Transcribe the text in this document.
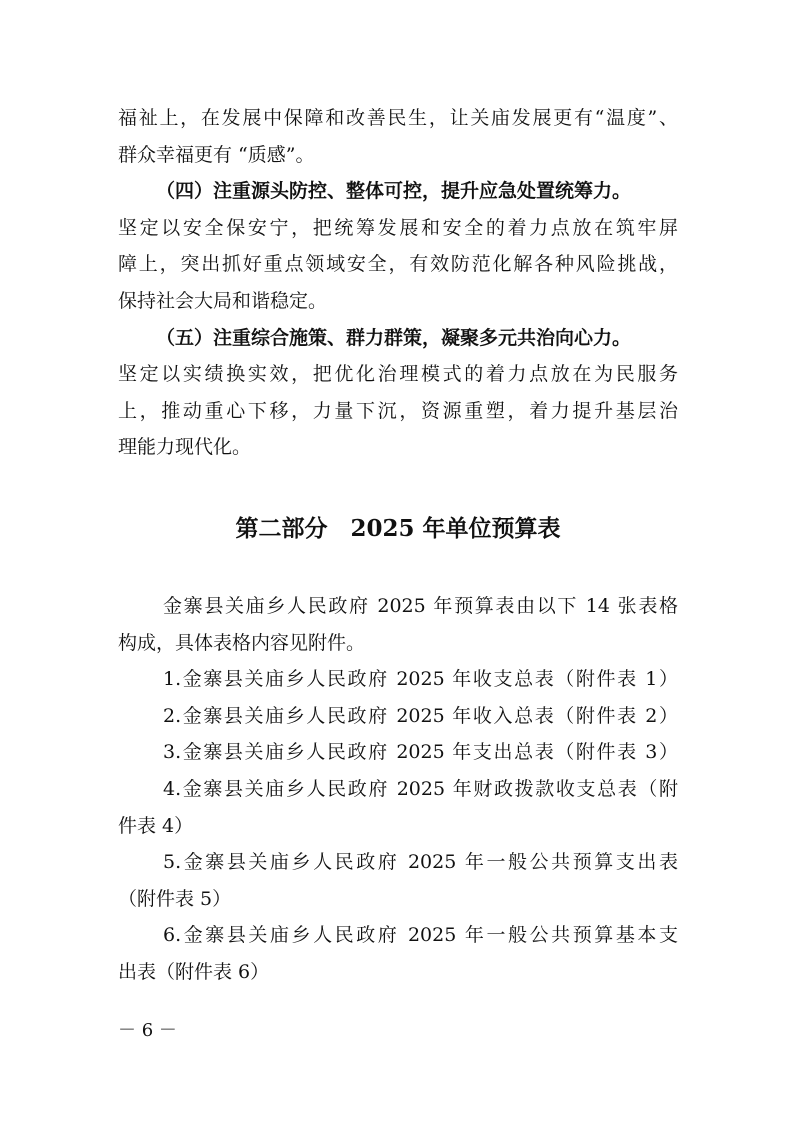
福祉上，在发展中保障和改善民生，让关庙发展更有“温度”、

群众幸福更有 “质感”。

（四）注重源头防控、整体可控，提升应急处置统筹力。

坚定以安全保安宁，把统筹发展和安全的着力点放在筑牢屏

障上，突出抓好重点领域安全，有效防范化解各种风险挑战，

保持社会大局和谐稳定。

（五）注重综合施策、群力群策，凝聚多元共治向心力。

坚定以实绩换实效，把优化治理模式的着力点放在为民服务

上，推动重心下移，力量下沉，资源重塑，着力提升基层治

理能力现代化。

第二部分　2025 年单位预算表

金寨县关庙乡人民政府 2025 年预算表由以下 14 张表格

构成，具体表格内容见附件。

1.金寨县关庙乡人民政府 2025 年收支总表（附件表 1）

2.金寨县关庙乡人民政府 2025 年收入总表（附件表 2）

3.金寨县关庙乡人民政府 2025 年支出总表（附件表 3）

4.金寨县关庙乡人民政府 2025 年财政拨款收支总表（附

件表 4）

5.金寨县关庙乡人民政府 2025 年一般公共预算支出表

（附件表 5）

6.金寨县关庙乡人民政府 2025 年一般公共预算基本支

出表（附件表 6）

－ 6 －
